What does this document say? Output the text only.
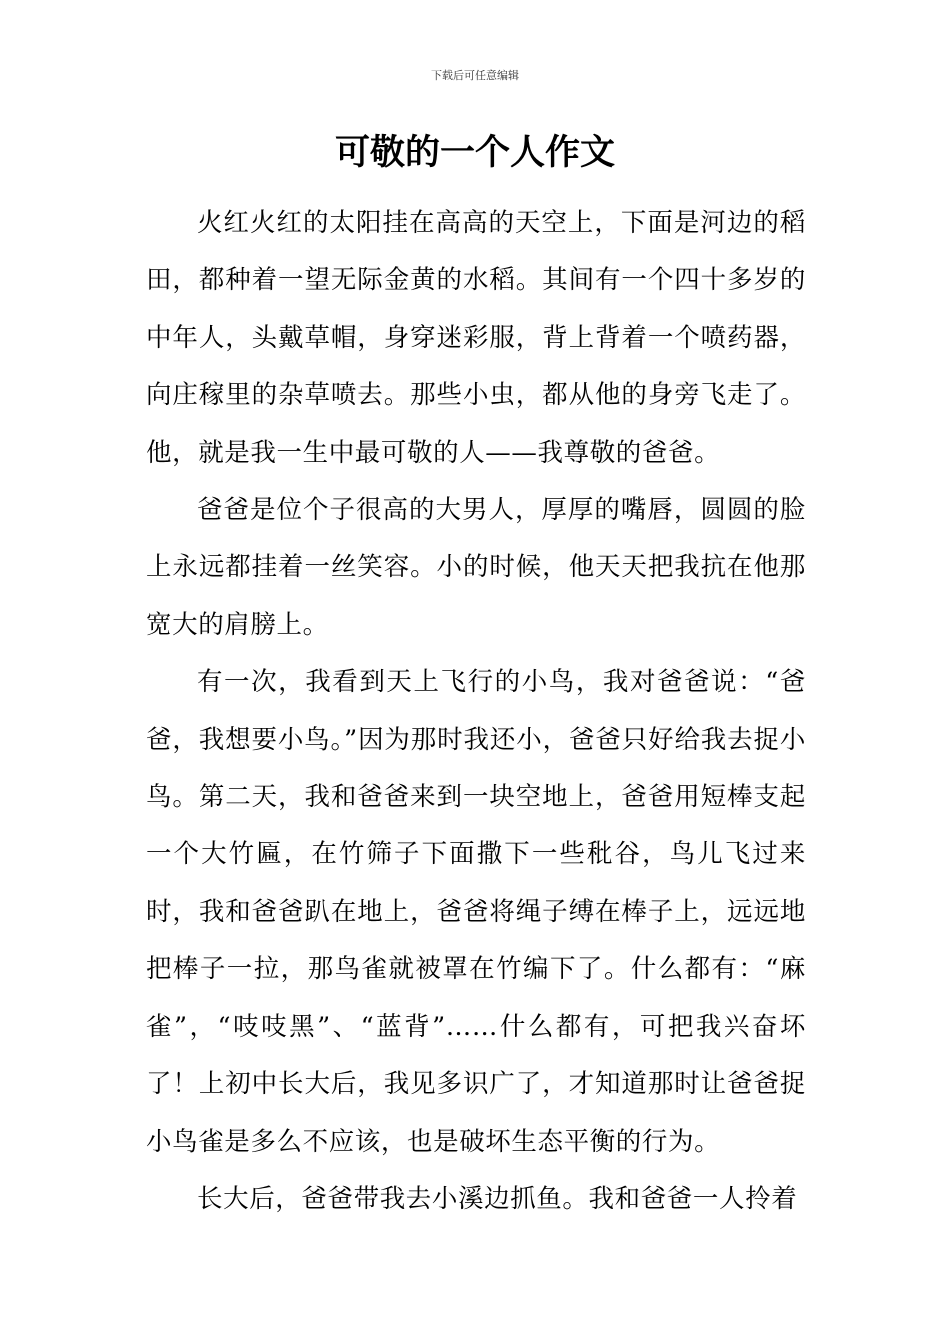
下载后可任意编辑
可敬的一个人作文

火红火红的太阳挂在高高的天空上，下面是河边的稻田，都种着一望无际金黄的水稻。其间有一个四十多岁的中年人，头戴草帽，身穿迷彩服，背上背着一个喷药器，向庄稼里的杂草喷去。那些小虫，都从他的身旁飞走了。他，就是我一生中最可敬的人——我尊敬的爸爸。

爸爸是位个子很高的大男人，厚厚的嘴唇，圆圆的脸上永远都挂着一丝笑容。小的时候，他天天把我抗在他那宽大的肩膀上。

有一次，我看到天上飞行的小鸟，我对爸爸说：“爸爸，我想要小鸟。”因为那时我还小，爸爸只好给我去捉小鸟。第二天，我和爸爸来到一块空地上，爸爸用短棒支起一个大竹匾，在竹筛子下面撒下一些秕谷，鸟儿飞过来时，我和爸爸趴在地上，爸爸将绳子缚在棒子上，远远地把棒子一拉，那鸟雀就被罩在竹编下了。什么都有：“麻雀”，“吱吱黑”、“蓝背”……什么都有，可把我兴奋坏了！上初中长大后，我见多识广了，才知道那时让爸爸捉小鸟雀是多么不应该，也是破坏生态平衡的行为。

长大后，爸爸带我去小溪边抓鱼。我和爸爸一人拎着
